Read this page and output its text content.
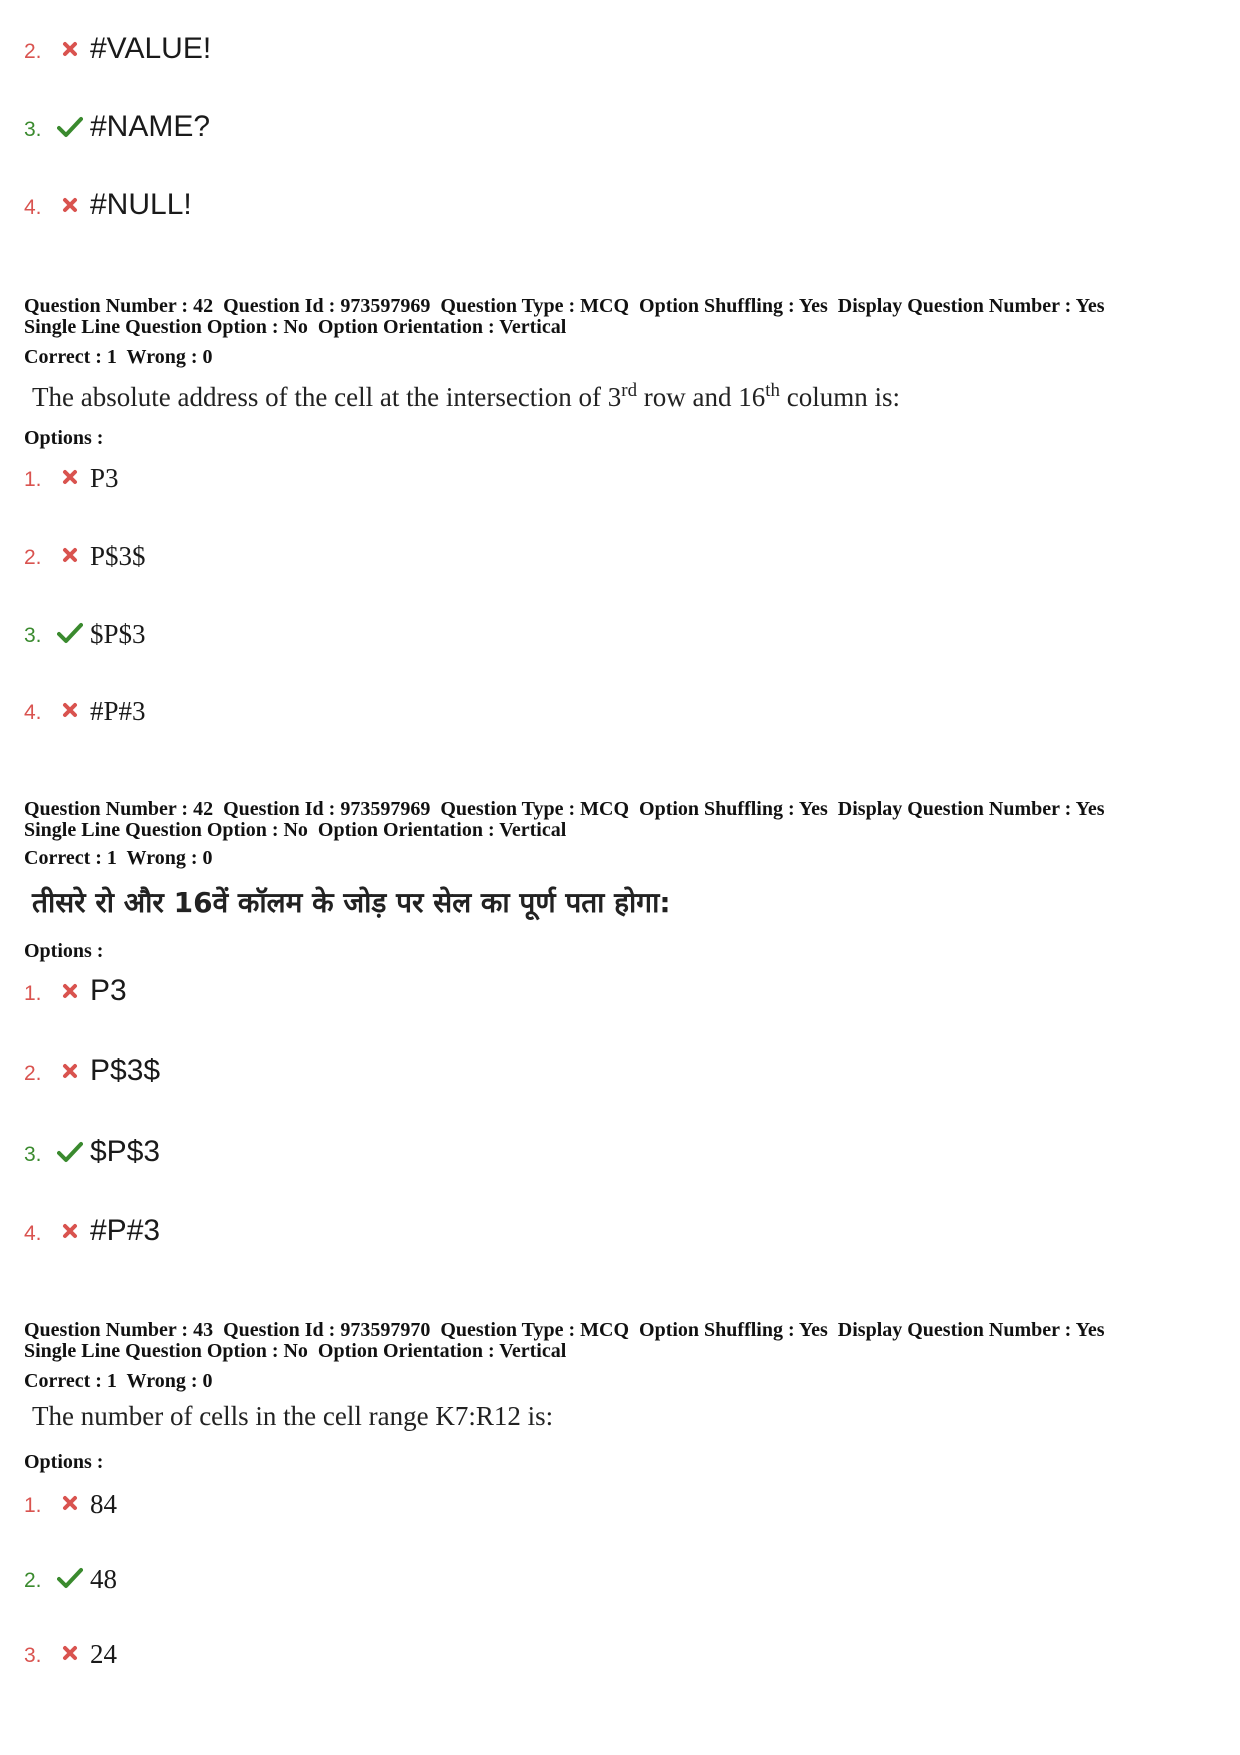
2.	#VALUE!
3.	#NAME?
4.	#NULL!
Question Number : 42  Question Id : 973597969  Question Type : MCQ  Option Shuffling : Yes  Display Question Number : Yes
Single Line Question Option : No  Option Orientation : Vertical
Correct : 1  Wrong : 0
The absolute address of the cell at the intersection of 3rd row and 16th column is:
Options :
1.	P3
2.	P$3$
3.	$P$3
4.	#P#3
Question Number : 42  Question Id : 973597969  Question Type : MCQ  Option Shuffling : Yes  Display Question Number : Yes
Single Line Question Option : No  Option Orientation : Vertical
Correct : 1  Wrong : 0
तीसरे रो और 16वें कॉलम के जोड़ पर सेल का पूर्ण पता होगा:
Options :
1.	P3
2.	P$3$
3.	$P$3
4.	#P#3
Question Number : 43  Question Id : 973597970  Question Type : MCQ  Option Shuffling : Yes  Display Question Number : Yes
Single Line Question Option : No  Option Orientation : Vertical
Correct : 1  Wrong : 0
The number of cells in the cell range K7:R12 is:
Options :
1.	84
2.	48
3.	24
